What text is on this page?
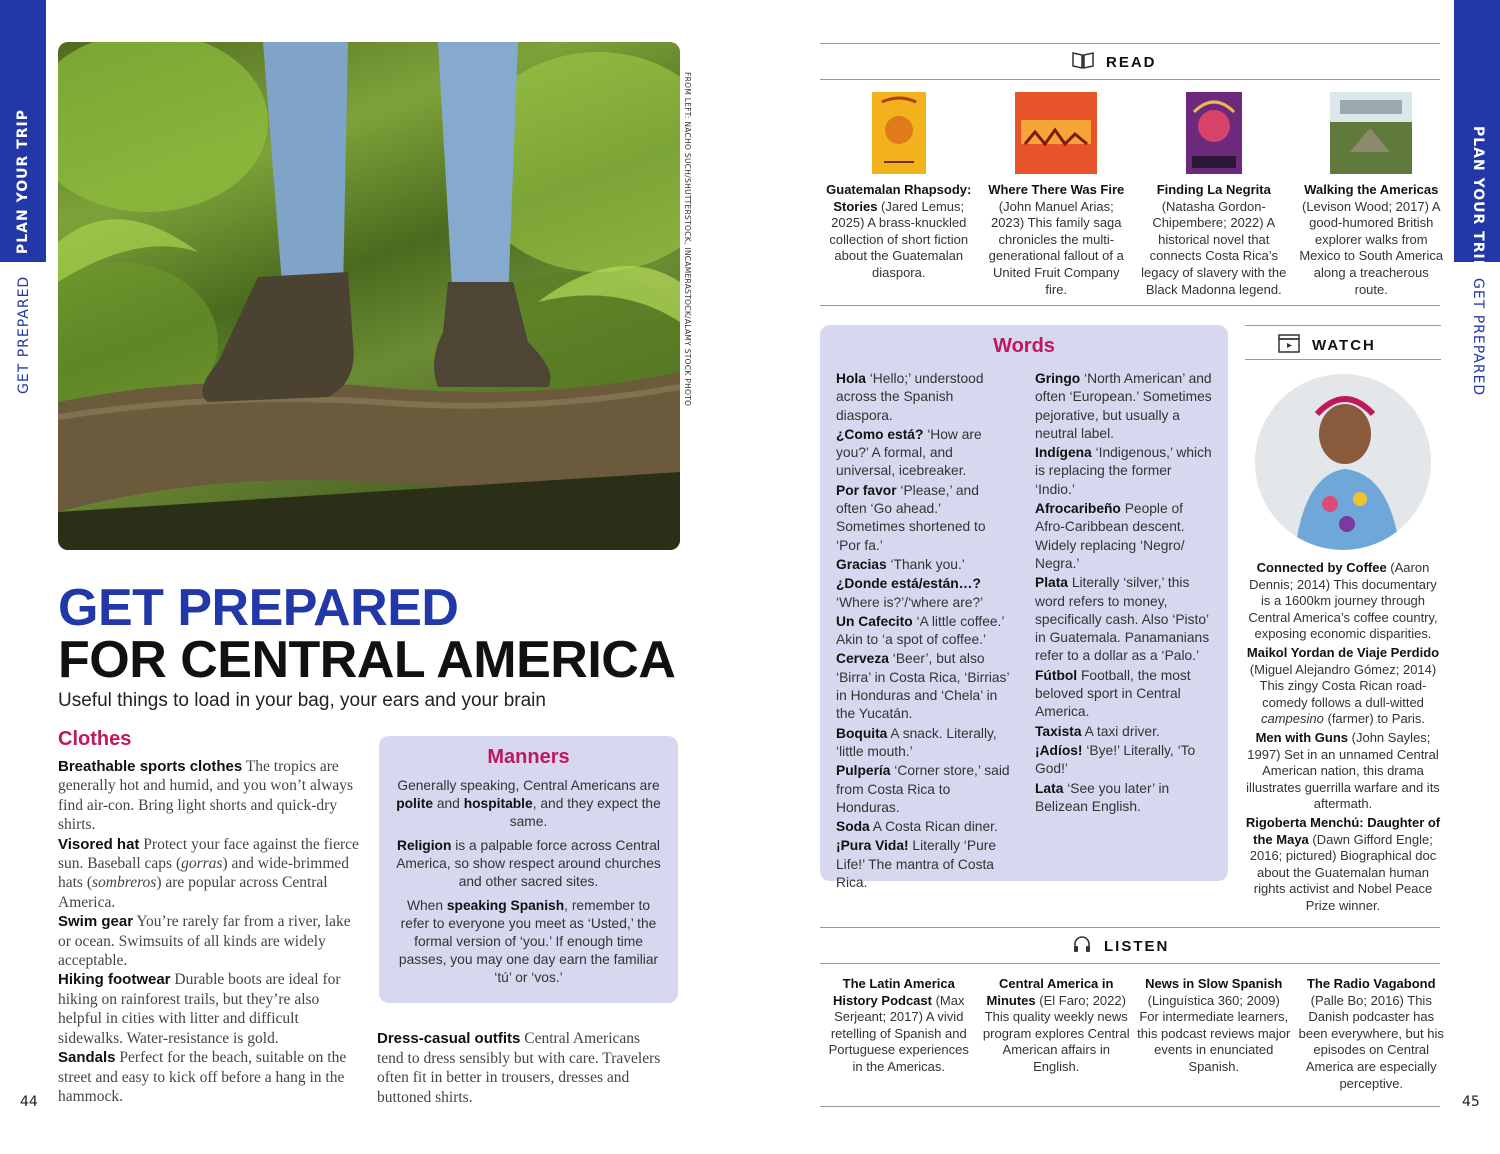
PLAN YOUR TRIP
GET PREPARED
PLAN YOUR TRIP
GET PREPARED
44	45
FROM LEFT: NACHO SUCH/SHUTTERSTOCK, INCAMERASTOCK/ALAMY STOCK PHOTO
GET PREPARED
FOR CENTRAL AMERICA
Useful things to load in your bag, your ears and your brain
Clothes
Breathable sports clothes The tropics are generally hot and humid, and you won’t always find air-con. Bring light shorts and quick-dry shirts.
Visored hat Protect your face against the fierce sun. Baseball caps (gorras) and wide-brimmed hats (sombreros) are popular across Central America.
Swim gear You’re rarely far from a river, lake or ocean. Swimsuits of all kinds are widely acceptable.
Hiking footwear Durable boots are ideal for hiking on rainforest trails, but they’re also helpful in cities with litter and difficult sidewalks. Water-resistance is gold.
Sandals Perfect for the beach, suitable on the street and easy to kick off before a hang in the hammock.
Manners

Generally speaking, Central Americans are polite and hospitable, and they expect the same.

Religion is a palpable force across Central America, so show respect around churches and other sacred sites.

When speaking Spanish, remember to refer to everyone you meet as ‘Usted,’ the formal version of ‘you.’ If enough time passes, you may one day earn the familiar ‘tú’ or ‘vos.’

Dress-casual outfits Central Americans tend to dress sensibly but with care. Travelers often fit in better in trousers, dresses and buttoned shirts.
READ
Guatemalan Rhapsody: Stories (Jared Lemus; 2025) A brass-knuckled collection of short fiction about the Guatemalan diaspora.
Where There Was Fire (John Manuel Arias; 2023) This family saga chronicles the multi-generational fallout of a United Fruit Company fire.
Finding La Negrita (Natasha Gordon-Chipembere; 2022) A historical novel that connects Costa Rica’s legacy of slavery with the Black Madonna legend.
Walking the Americas (Levison Wood; 2017) A good-humored British explorer walks from Mexico to South America along a treacherous route.
Words

Hola ‘Hello;’ understood across the Spanish diaspora.

¿Como está? ‘How are you?’ A formal, and universal, icebreaker.

Por favor ‘Please,’ and often ‘Go ahead.’ Sometimes shortened to ‘Por fa.’

Gracias ‘Thank you.’

¿Donde está/están…? ‘Where is?’/‘where are?’

Un Cafecito ‘A little coffee.’ Akin to ‘a spot of coffee.’

Cerveza ‘Beer’, but also ‘Birra’ in Costa Rica, ‘Birrias’ in Honduras and ‘Chela’ in the Yucatán.

Boquita A snack. Literally, ‘little mouth.’

Pulpería ‘Corner store,’ said from Costa Rica to Honduras.

Soda A Costa Rican diner.

¡Pura Vida! Literally ‘Pure Life!’ The mantra of Costa Rica.

Gringo ‘North American’ and often ‘European.’ Sometimes pejorative, but usually a neutral label.

Indígena ‘Indigenous,’ which is replacing the former ‘Indio.’

Afrocaribeño People of Afro-Caribbean descent. Widely replacing ‘Negro/ Negra.’

Plata Literally ‘silver,’ this word refers to money, specifically cash. Also ‘Pisto’ in Guatemala. Panamanians refer to a dollar as a ‘Palo.’

Fútbol Football, the most beloved sport in Central America.

Taxista A taxi driver.

¡Adíos! ‘Bye!’ Literally, ‘To God!’

Lata ‘See you later’ in Belizean English.

WATCH

Connected by Coffee (Aaron Dennis; 2014) This documentary is a 1600km journey through Central America’s coffee country, exposing economic disparities.

Maikol Yordan de Viaje Perdido (Miguel Alejandro Gómez; 2014) This zingy Costa Rican road-comedy follows a dull-witted campesino (farmer) to Paris.

Men with Guns (John Sayles; 1997) Set in an unnamed Central American nation, this drama illustrates guerrilla warfare and its aftermath.

Rigoberta Menchú: Daughter of the Maya (Dawn Gifford Engle; 2016; pictured) Biographical doc about the Guatemalan human rights activist and Nobel Peace Prize winner.

LISTEN
The Latin America History Podcast (Max Serjeant; 2017) A vivid retelling of Spanish and Portuguese experiences in the Americas.
Central America in Minutes (El Faro; 2022) This quality weekly news program explores Central American affairs in English.
News in Slow Spanish (Linguística 360; 2009) For intermediate learners, this podcast reviews major events in enunciated Spanish.
The Radio Vagabond (Palle Bo; 2016) This Danish podcaster has been everywhere, but his episodes on Central America are especially perceptive.
